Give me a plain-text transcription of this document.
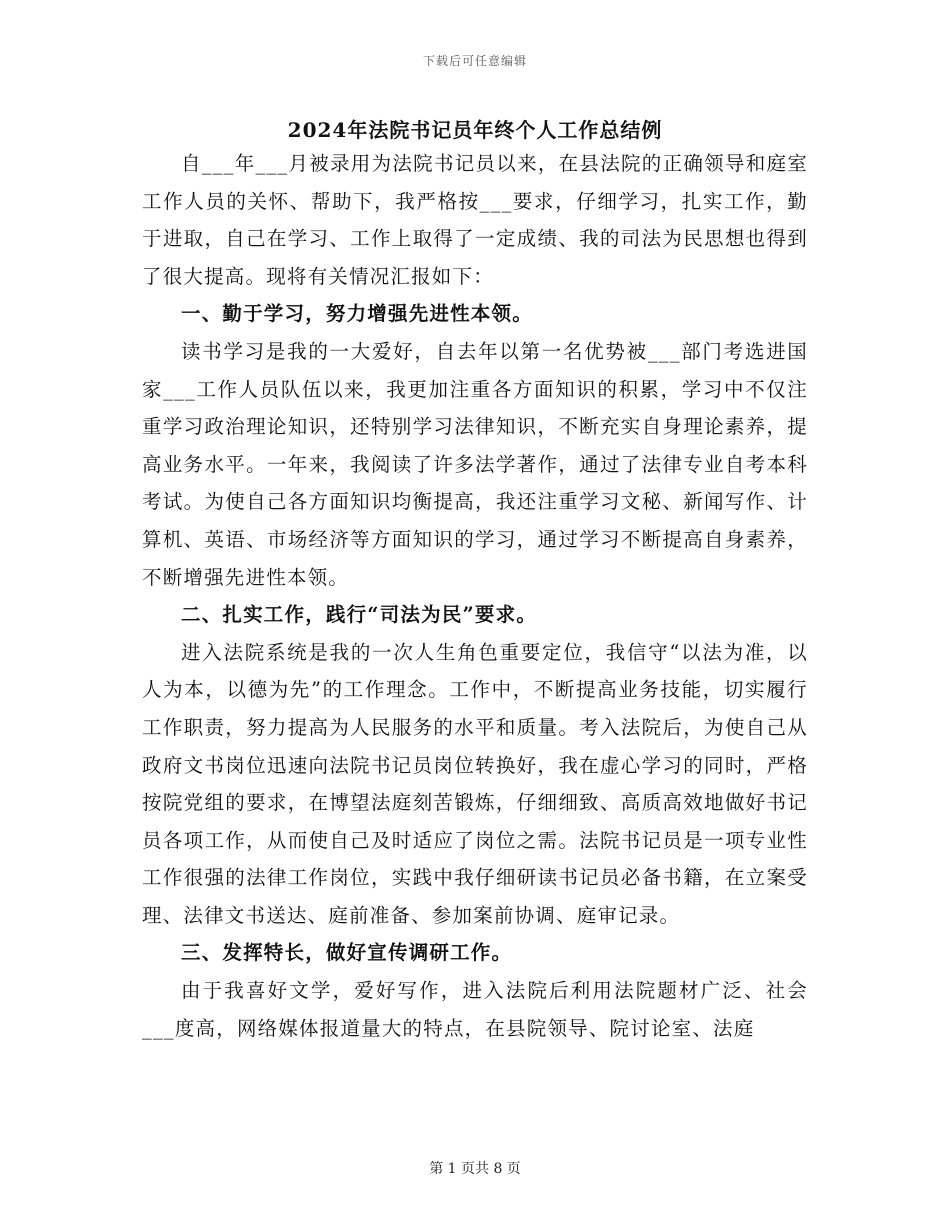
下载后可任意编辑
2024年法院书记员年终个人工作总结例

自___年___月被录用为法院书记员以来，在县法院的正确领导和庭室工作人员的关怀、帮助下，我严格按___要求，仔细学习，扎实工作，勤于进取，自己在学习、工作上取得了一定成绩、我的司法为民思想也得到了很大提高。现将有关情况汇报如下：

一、勤于学习，努力增强先进性本领。

读书学习是我的一大爱好，自去年以第一名优势被___部门考选进国家___工作人员队伍以来，我更加注重各方面知识的积累，学习中不仅注重学习政治理论知识，还特别学习法律知识，不断充实自身理论素养，提高业务水平。一年来，我阅读了许多法学著作，通过了法律专业自考本科考试。为使自己各方面知识均衡提高，我还注重学习文秘、新闻写作、计算机、英语、市场经济等方面知识的学习，通过学习不断提高自身素养，不断增强先进性本领。

二、扎实工作，践行“司法为民”要求。

进入法院系统是我的一次人生角色重要定位，我信守“以法为准，以人为本，以德为先”的工作理念。工作中，不断提高业务技能，切实履行工作职责，努力提高为人民服务的水平和质量。考入法院后，为使自己从政府文书岗位迅速向法院书记员岗位转换好，我在虚心学习的同时，严格按院党组的要求，在博望法庭刻苦锻炼，仔细细致、高质高效地做好书记员各项工作，从而使自己及时适应了岗位之需。法院书记员是一项专业性工作很强的法律工作岗位，实践中我仔细研读书记员必备书籍，在立案受理、法律文书送达、庭前准备、参加案前协调、庭审记录。

三、发挥特长，做好宣传调研工作。

由于我喜好文学，爱好写作，进入法院后利用法院题材广泛、社会___度高，网络媒体报道量大的特点，在县院领导、院讨论室、法庭

第 1 页共 8 页
